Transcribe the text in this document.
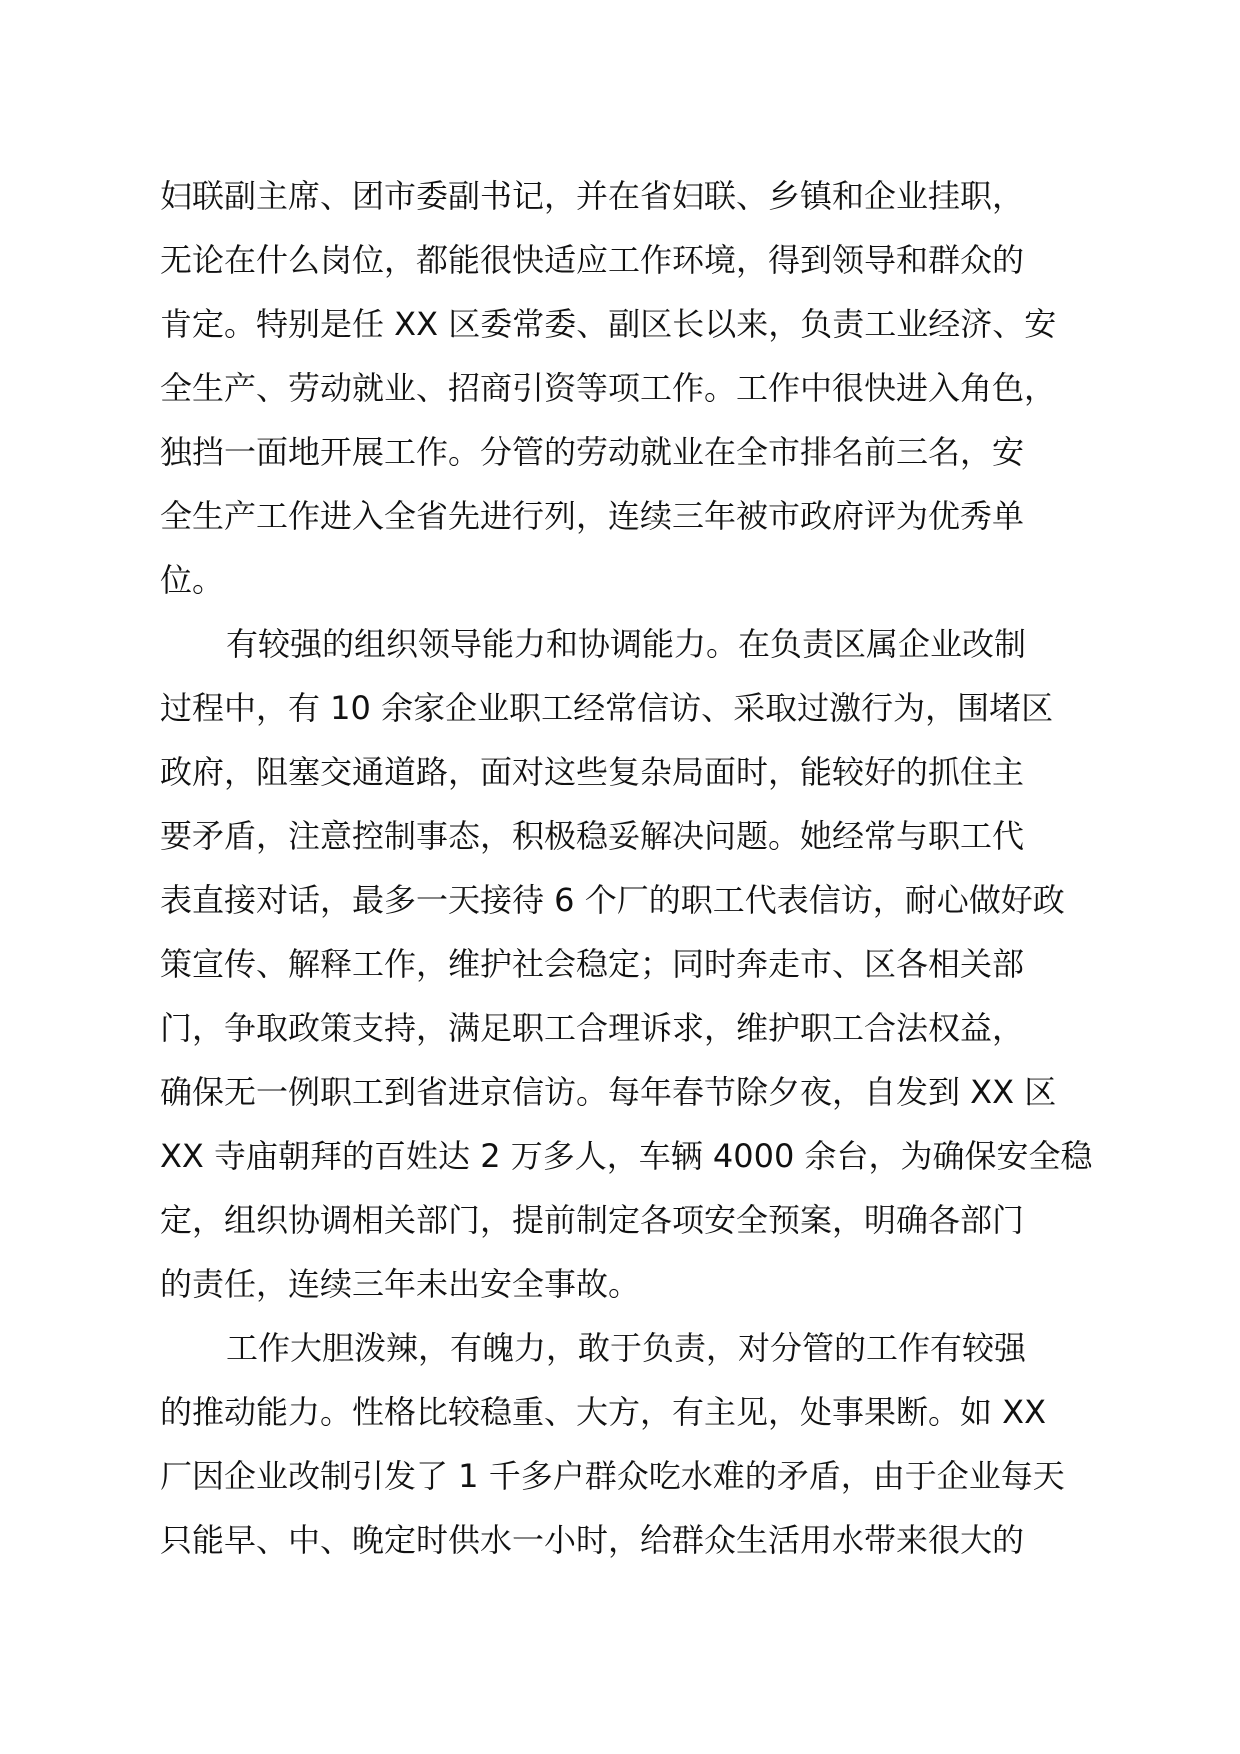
妇联副主席、团市委副书记，并在省妇联、乡镇和企业挂职，
无论在什么岗位，都能很快适应工作环境，得到领导和群众的
肯定。特别是任 XX 区委常委、副区长以来，负责工业经济、安
全生产、劳动就业、招商引资等项工作。工作中很快进入角色，
独挡一面地开展工作。分管的劳动就业在全市排名前三名，安
全生产工作进入全省先进行列，连续三年被市政府评为优秀单
位。
有较强的组织领导能力和协调能力。在负责区属企业改制
过程中，有 10 余家企业职工经常信访、采取过激行为，围堵区
政府，阻塞交通道路，面对这些复杂局面时，能较好的抓住主
要矛盾，注意控制事态，积极稳妥解决问题。她经常与职工代
表直接对话，最多一天接待 6 个厂的职工代表信访，耐心做好政
策宣传、解释工作，维护社会稳定；同时奔走市、区各相关部
门，争取政策支持，满足职工合理诉求，维护职工合法权益，
确保无一例职工到省进京信访。每年春节除夕夜，自发到 XX 区
XX 寺庙朝拜的百姓达 2 万多人，车辆 4000 余台，为确保安全稳
定，组织协调相关部门，提前制定各项安全预案，明确各部门
的责任，连续三年未出安全事故。
工作大胆泼辣，有魄力，敢于负责，对分管的工作有较强
的推动能力。性格比较稳重、大方，有主见，处事果断。如 XX
厂因企业改制引发了 1 千多户群众吃水难的矛盾，由于企业每天
只能早、中、晚定时供水一小时，给群众生活用水带来很大的
